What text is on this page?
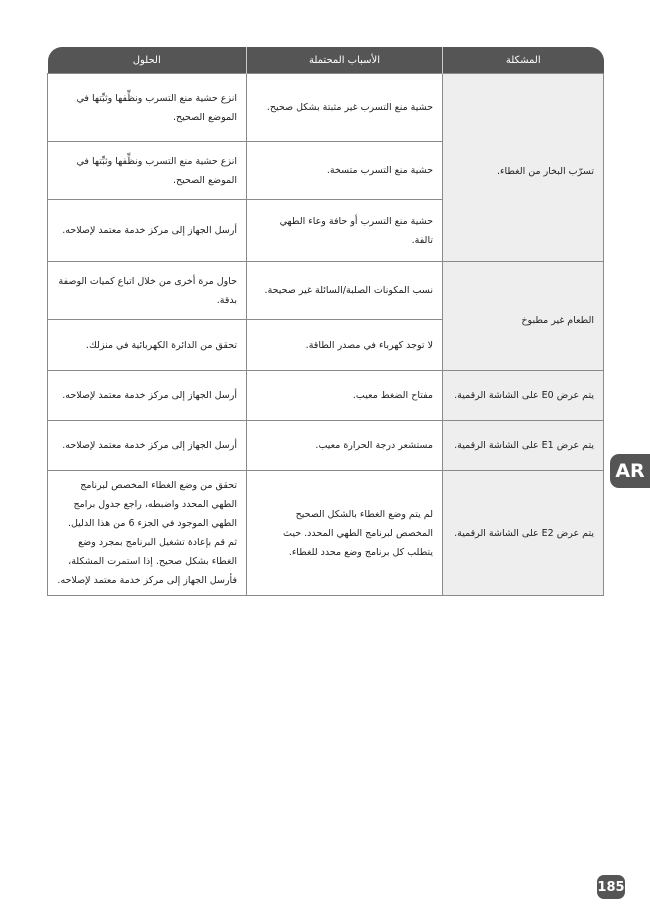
المشكلة	الأسباب المحتملة	الحلول
تسرّب البخار من الغطاء.	حشية منع التسرب غير مثبتة بشكل صحيح.	انزع حشية منع التسرب ونظِّفها وثبِّتها في الموضع الصحيح.
	حشية منع التسرب متسخة.	انزع حشية منع التسرب ونظِّفها وثبِّتها في الموضع الصحيح.
	حشية منع التسرب أو حافة وعاء الطهي تالفة.	أرسل الجهاز إلى مركز خدمة معتمد لإصلاحه.
الطعام غير مطبوخ	نسب المكونات الصلبة/السائلة غير صحيحة.	حاول مرة أخرى من خلال اتباع كميات الوصفة بدقة.
	لا توجد كهرباء في مصدر الطاقة.	تحقق من الدائرة الكهربائية في منزلك.
يتم عرض E0 على الشاشة الرقمية.	مفتاح الضغط معيب.	أرسل الجهاز إلى مركز خدمة معتمد لإصلاحه.
يتم عرض E1 على الشاشة الرقمية.	مستشعر درجة الحرارة معيب.	أرسل الجهاز إلى مركز خدمة معتمد لإصلاحه.
يتم عرض E2 على الشاشة الرقمية.	لم يتم وضع الغطاء بالشكل الصحيح المخصص لبرنامج الطهي المحدد. حيث يتطلب كل برنامج وضع محدد للغطاء.	تحقق من وضع الغطاء المخصص لبرنامج الطهي المحدد واضبطه، راجع جدول برامج الطهي الموجود في الجزء 6 من هذا الدليل. ثم قم بإعادة تشغيل البرنامج بمجرد وضع الغطاء بشكل صحيح. إذا استمرت المشكلة، فأرسل الجهاز إلى مركز خدمة معتمد لإصلاحه.
AR
185
